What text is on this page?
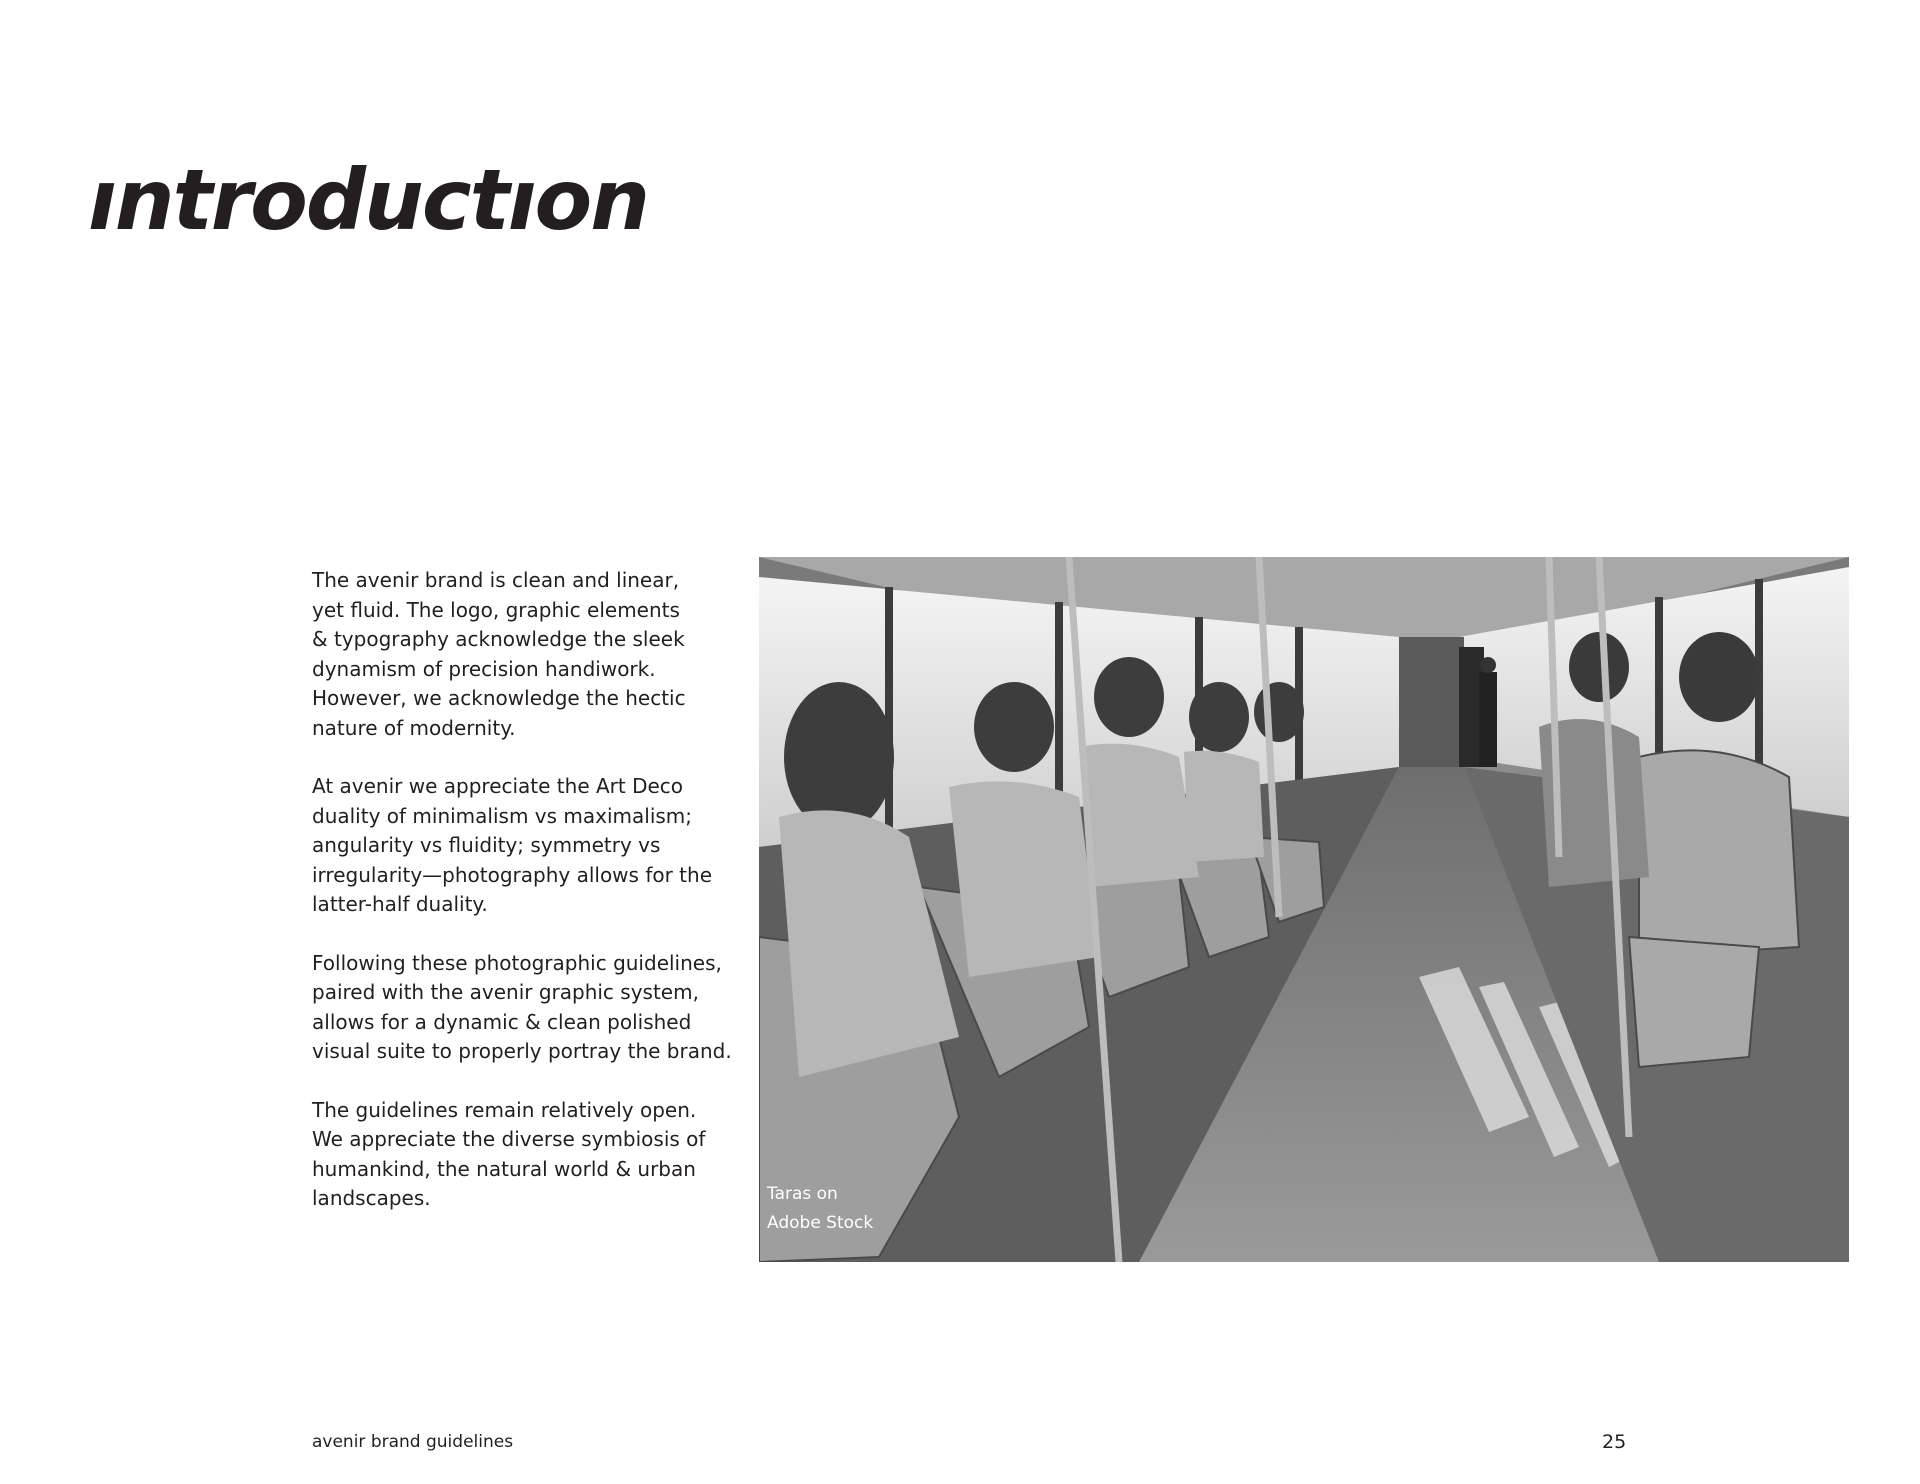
ıntroductıon

The avenir brand is clean and linear,
yet fluid. The logo, graphic elements
& typography acknowledge the sleek
dynamism of precision handiwork.
However, we acknowledge the hectic
nature of modernity.

At avenir we appreciate the Art Deco
duality of minimalism vs maximalism;
angularity vs fluidity; symmetry vs
irregularity—photography allows for the
latter-half duality.

Following these photographic guidelines,
paired with the avenir graphic system,
allows for a dynamic & clean polished
visual suite to properly portray the brand.

The guidelines remain relatively open.
We appreciate the diverse symbiosis of
humankind, the natural world & urban
landscapes.	Taras on
Adobe Stock
avenir brand guidelines	25
